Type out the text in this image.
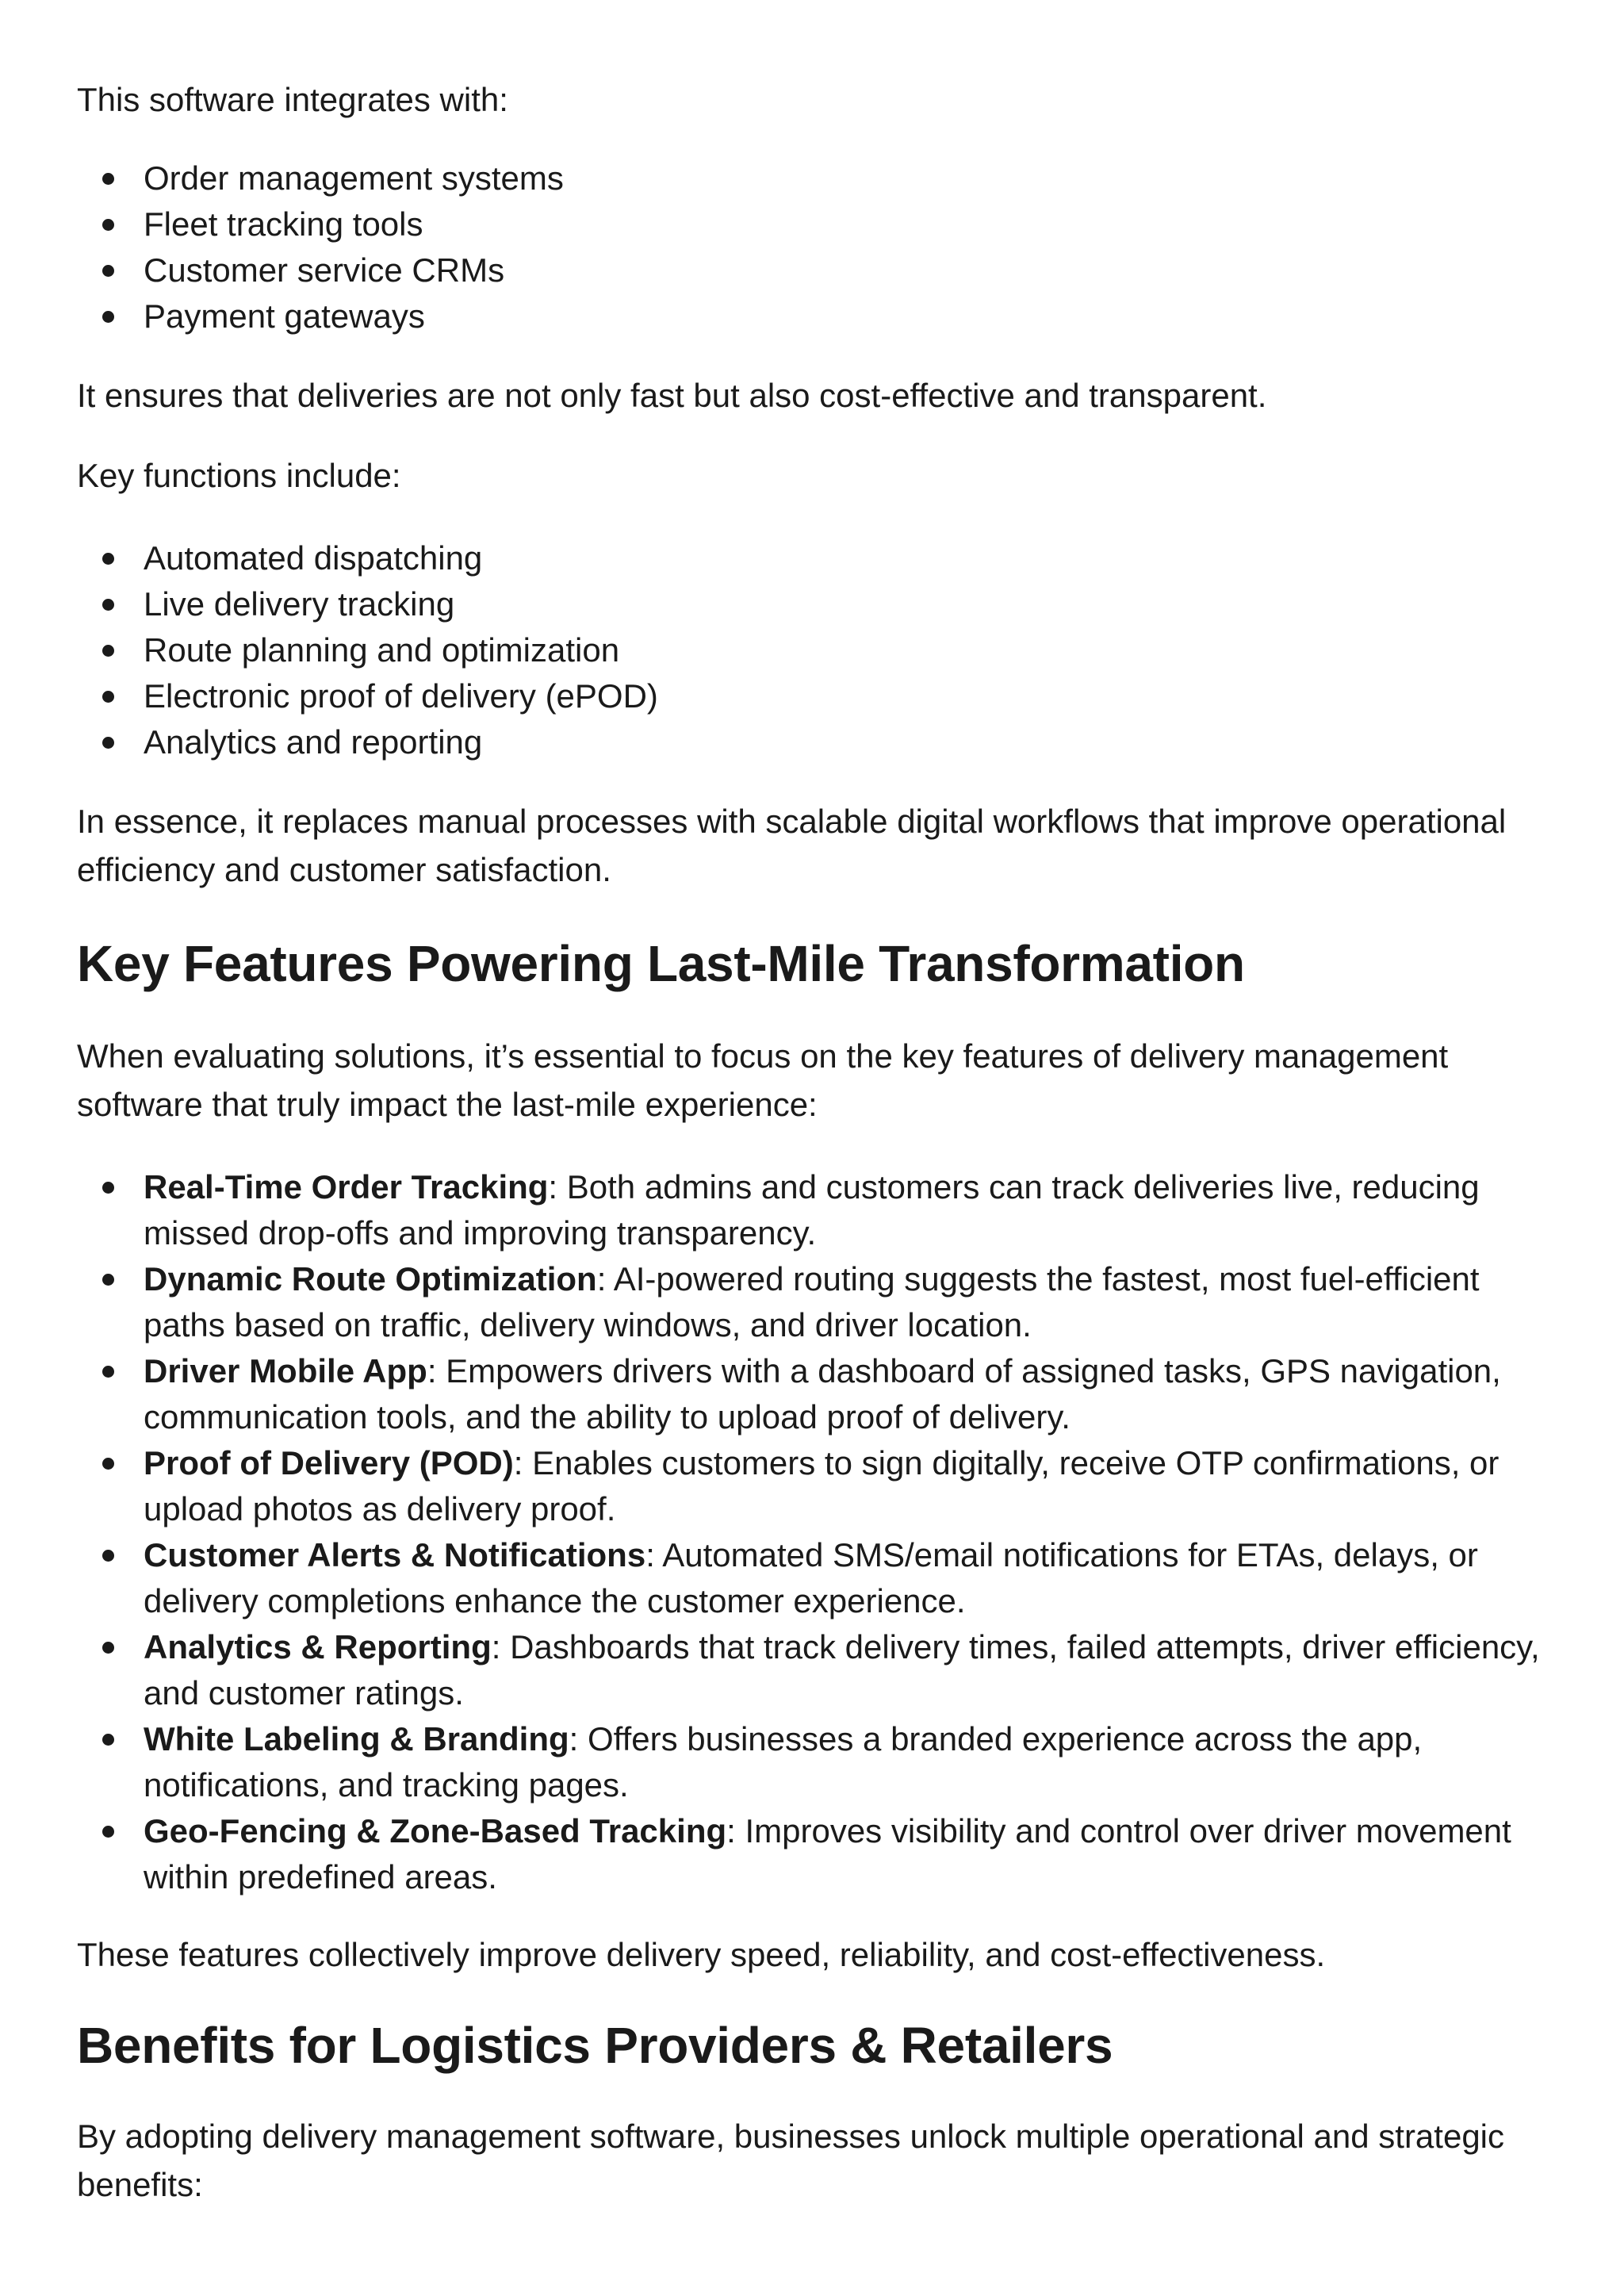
This software integrates with:

Order management systems
Fleet tracking tools
Customer service CRMs
Payment gateways

It ensures that deliveries are not only fast but also cost-effective and transparent.

Key functions include:

Automated dispatching
Live delivery tracking
Route planning and optimization
Electronic proof of delivery (ePOD)
Analytics and reporting

In essence, it replaces manual processes with scalable digital workflows that improve operational efficiency and customer satisfaction.

Key Features Powering Last-Mile Transformation

When evaluating solutions, it’s essential to focus on the key features of delivery management software that truly impact the last-mile experience:

Real-Time Order Tracking: Both admins and customers can track deliveries live, reducing missed drop-offs and improving transparency.
Dynamic Route Optimization: AI-powered routing suggests the fastest, most fuel-efficient paths based on traffic, delivery windows, and driver location.
Driver Mobile App: Empowers drivers with a dashboard of assigned tasks, GPS navigation, communication tools, and the ability to upload proof of delivery.
Proof of Delivery (POD): Enables customers to sign digitally, receive OTP confirmations, or upload photos as delivery proof.
Customer Alerts & Notifications: Automated SMS/email notifications for ETAs, delays, or delivery completions enhance the customer experience.
Analytics & Reporting: Dashboards that track delivery times, failed attempts, driver efficiency, and customer ratings.
White Labeling & Branding: Offers businesses a branded experience across the app, notifications, and tracking pages.
Geo-Fencing & Zone-Based Tracking: Improves visibility and control over driver movement within predefined areas.

These features collectively improve delivery speed, reliability, and cost-effectiveness.

Benefits for Logistics Providers & Retailers

By adopting delivery management software, businesses unlock multiple operational and strategic benefits:
